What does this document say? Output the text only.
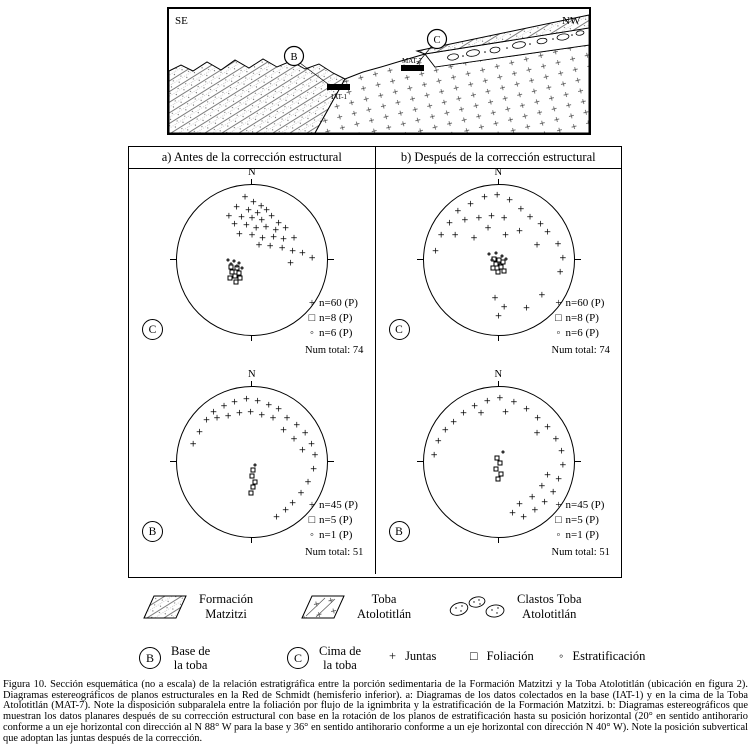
IAT-1
B	MAT-7
C
SE	NW
a) Antes de la corrección estructural	b) Después de la corrección estructural
N
+ + +
+ + + +
+ + + + +
+
+ + + + + +
+ + + + + +
+ + + + + +
+
+ n=60 (P)
□ n=8 (P)
◦ n=6 (P)
Num total: 74
C
N
+
+ + + + + +
+ + + + + + + +
+
+
+
+
+
+
+
+
+
+
+
+
+
+
+
+ n=45 (P)
□ n=5 (P)
◦ n=1 (P)
Num total: 51
B
N
+ + +
+
+	+
+ + + + + +
+
+ +	+ +
+
+
+
+
+	+
+
+
+
+
+
+
+
+ n=60 (P)
□ n=8 (P)
◦ n=6 (P)
Num total: 74
C
N
+
+
+
+
+
+ + +
+
+
+
+
+
+
+
+
+
+
+
+
+
+
+
+ +
+
+
+
+ n=45 (P)
□ n=5 (P)
◦ n=1 (P)
Num total: 51
B
Formación
Matzitzi
Toba
Atolotitlán
Clastos Toba
Atolotitlán
B
Base de
la toba	C
Cima de
la toba
+ Juntas	□ Foliación ◦ Estratificación

Figura 10. Sección esquemática (no a escala) de la relación estratigráfica entre la porción sedimentaria de la Formación Matzitzi y la Toba Atolotitlán (ubicación en figura 2). Diagramas estereográficos de planos estructurales en la Red de Schmidt (hemisferio inferior). a: Diagramas de los datos colectados en la base (IAT-1) y en la cima de la Toba Atolotitlán (MAT-7). Note la disposición subparalela entre la foliación por flujo de la ignimbrita y la estratificación de la Formación Matzitzi. b: Diagramas estereográficos que muestran los datos planares después de su corrección estructural con base en la rotación de los planos de estratificación hasta su posición horizontal (20° en sentido antihorario conforme a un eje horizontal con dirección al N 88° W para la base y 36° en sentido antihorario conforme a un eje horizontal con dirección N 40° W). Note la posición subvertical que adoptan las juntas después de la corrección.
